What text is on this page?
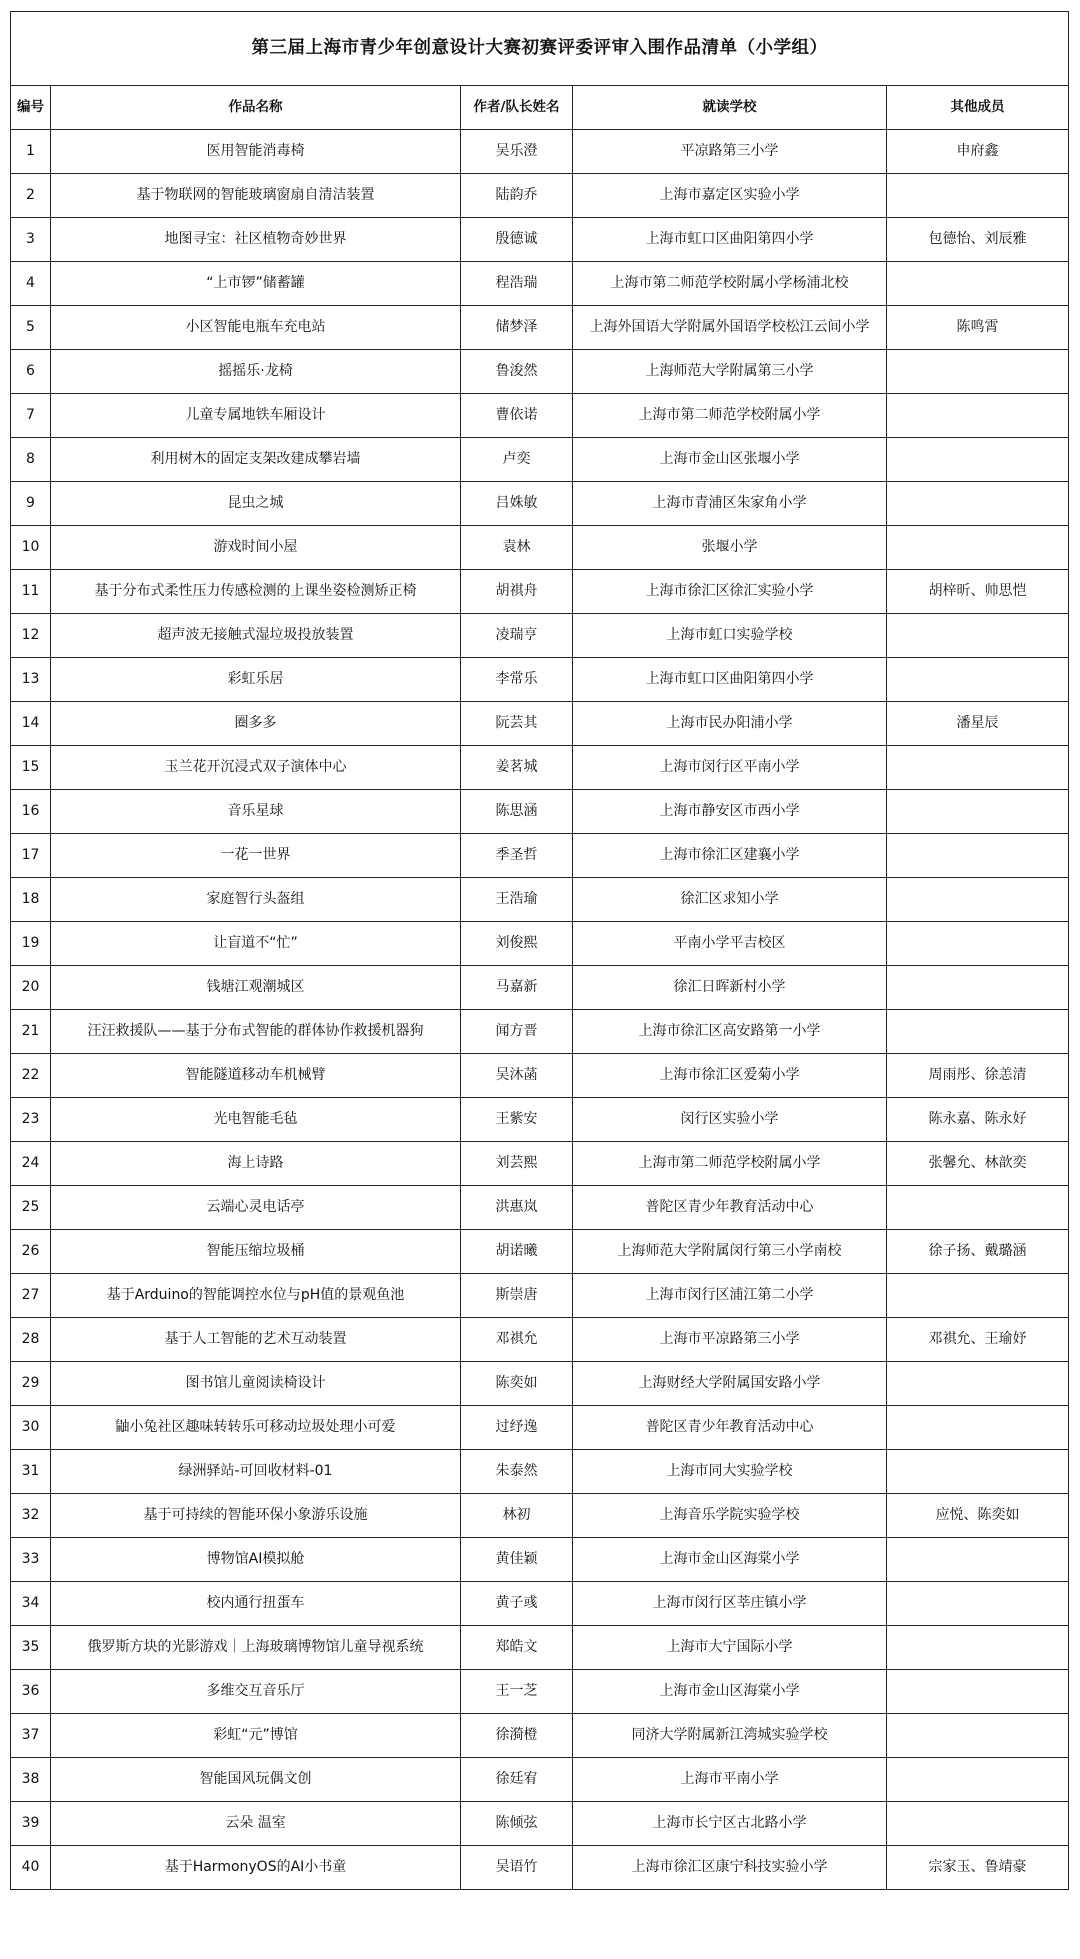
第三届上海市青少年创意设计大赛初赛评委评审入围作品清单（小学组）				
编号	作品名称	作者/队长姓名	就读学校	其他成员
1	医用智能消毒椅	吴乐澄	平凉路第三小学	申府鑫
2	基于物联网的智能玻璃窗扇自清洁装置	陆韵乔	上海市嘉定区实验小学	
3	地图寻宝：社区植物奇妙世界	殷德诚	上海市虹口区曲阳第四小学	包德怡、刘辰雅
4	“上市锣”储蓄罐	程浩瑞	上海市第二师范学校附属小学杨浦北校	
5	小区智能电瓶车充电站	储梦泽	上海外国语大学附属外国语学校松江云间小学	陈鸣霄
6	摇摇乐·龙椅	鲁浚然	上海师范大学附属第三小学	
7	儿童专属地铁车厢设计	曹依诺	上海市第二师范学校附属小学	
8	利用树木的固定支架改建成攀岩墙	卢奕	上海市金山区张堰小学	
9	昆虫之城	吕姝敏	上海市青浦区朱家角小学	
10	游戏时间小屋	袁林	张堰小学	
11	基于分布式柔性压力传感检测的上课坐姿检测矫正椅	胡祺舟	上海市徐汇区徐汇实验小学	胡梓昕、帅思恺
12	超声波无接触式湿垃圾投放装置	凌瑞亨	上海市虹口实验学校	
13	彩虹乐居	李常乐	上海市虹口区曲阳第四小学	
14	圈多多	阮芸其	上海市民办阳浦小学	潘星辰
15	玉兰花开沉浸式双子演体中心	姜茗城	上海市闵行区平南小学	
16	音乐星球	陈思涵	上海市静安区市西小学	
17	一花一世界	季圣哲	上海市徐汇区建襄小学	
18	家庭智行头盔组	王浩瑜	徐汇区求知小学	
19	让盲道不“忙”	刘俊熙	平南小学平吉校区	
20	钱塘江观潮城区	马嘉新	徐汇日晖新村小学	
21	汪汪救援队——基于分布式智能的群体协作救援机器狗	闻方晋	上海市徐汇区高安路第一小学	
22	智能隧道移动车机械臂	吴沐菡	上海市徐汇区爱菊小学	周雨彤、徐恙清
23	光电智能毛毡	王紫安	闵行区实验小学	陈永嘉、陈永好
24	海上诗路	刘芸熙	上海市第二师范学校附属小学	张馨允、林歆奕
25	云端心灵电话亭	洪惠岚	普陀区青少年教育活动中心	
26	智能压缩垃圾桶	胡诺曦	上海师范大学附属闵行第三小学南校	徐子扬、戴璐涵
27	基于Arduino的智能调控水位与pH值的景观鱼池	斯崇唐	上海市闵行区浦江第二小学	
28	基于人工智能的艺术互动装置	邓祺允	上海市平凉路第三小学	邓祺允、王瑜妤
29	图书馆儿童阅读椅设计	陈奕如	上海财经大学附属国安路小学	
30	鼬小兔社区趣味转转乐可移动垃圾处理小可爱	过纾逸	普陀区青少年教育活动中心	
31	绿洲驿站-可回收材料-01	朱泰然	上海市同大实验学校	
32	基于可持续的智能环保小象游乐设施	林初	上海音乐学院实验学校	应悦、陈奕如
33	博物馆AI模拟舱	黄佳颖	上海市金山区海棠小学	
34	校内通行扭蛋车	黄子彧	上海市闵行区莘庄镇小学	
35	俄罗斯方块的光影游戏｜上海玻璃博物馆儿童导视系统	郑皓文	上海市大宁国际小学	
36	多维交互音乐厅	王一芝	上海市金山区海棠小学	
37	彩虹“元”博馆	徐漪橙	同济大学附属新江湾城实验学校	
38	智能国风玩偶文创	徐廷宥	上海市平南小学	
39	云朵 温室	陈倾弦	上海市长宁区古北路小学	
40	基于HarmonyOS的AI小书童	吴语竹	上海市徐汇区康宁科技实验小学	宗家玉、鲁靖豪
